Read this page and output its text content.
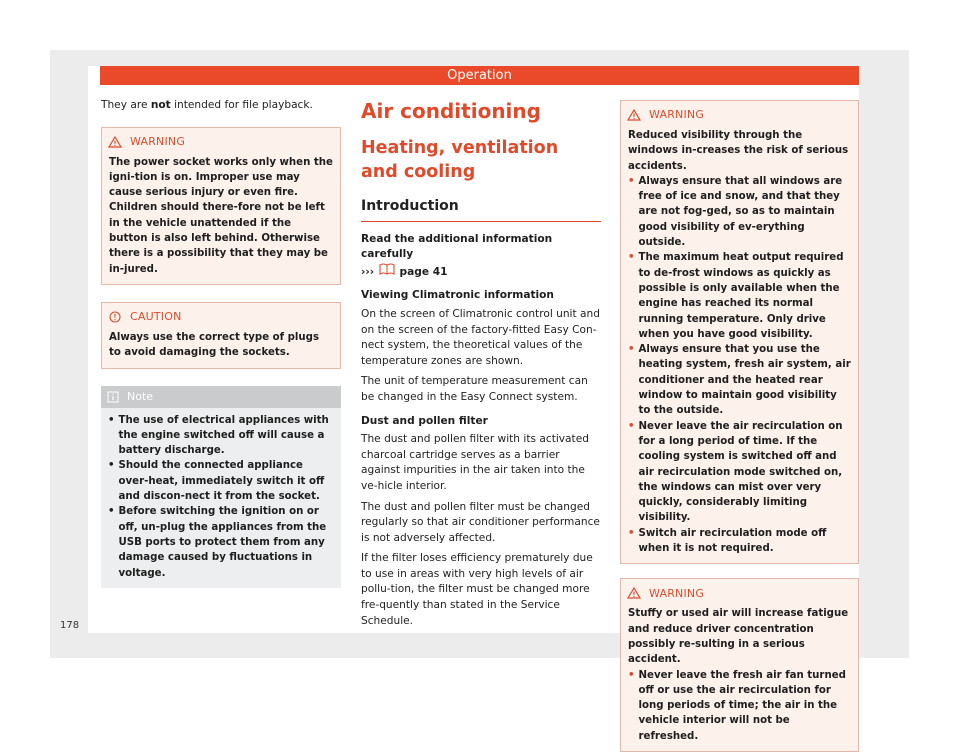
Operation

They are not intended for file playback.

WARNING
The power socket works only when the igni-tion is on. Improper use may cause serious injury or even fire. Children should there-fore not be left in the vehicle unattended if the button is also left behind. Otherwise there is a possibility that they may be in-jured.
CAUTION
Always use the correct type of plugs to avoid damaging the sockets.
Note
• The use of electrical appliances with the engine switched off will cause a battery discharge.
• Should the connected appliance over-heat, immediately switch it off and discon-nect it from the socket.
• Before switching the ignition on or off, un-plug the appliances from the USB ports to protect them from any damage caused by fluctuations in voltage.
Air conditioning
Heating, ventilation and cooling
Introduction

Read the additional information carefully

››› page 41

Viewing Climatronic information

On the screen of Climatronic control unit and on the screen of the factory-fitted Easy Con-nect system, the theoretical values of the temperature zones are shown.

The unit of temperature measurement can be changed in the Easy Connect system.

Dust and pollen filter

The dust and pollen filter with its activated charcoal cartridge serves as a barrier against impurities in the air taken into the ve-hicle interior.

The dust and pollen filter must be changed regularly so that air conditioner performance is not adversely affected.

If the filter loses efficiency prematurely due to use in areas with very high levels of air pollu-tion, the filter must be changed more fre-quently than stated in the Service Schedule.

WARNING
Reduced visibility through the windows in-creases the risk of serious accidents.
• Always ensure that all windows are free of ice and snow, and that they are not fog-ged, so as to maintain good visibility of ev-erything outside.
• The maximum heat output required to de-frost windows as quickly as possible is only available when the engine has reached its normal running temperature. Only drive when you have good visibility.
• Always ensure that you use the heating system, fresh air system, air conditioner and the heated rear window to maintain good visibility to the outside.
• Never leave the air recirculation on for a long period of time. If the cooling system is switched off and air recirculation mode switched on, the windows can mist over very quickly, considerably limiting visibility.
• Switch air recirculation mode off when it is not required.
WARNING
Stuffy or used air will increase fatigue and reduce driver concentration possibly re-sulting in a serious accident.
• Never leave the fresh air fan turned off or use the air recirculation for long periods of time; the air in the vehicle interior will not be refreshed.
178
